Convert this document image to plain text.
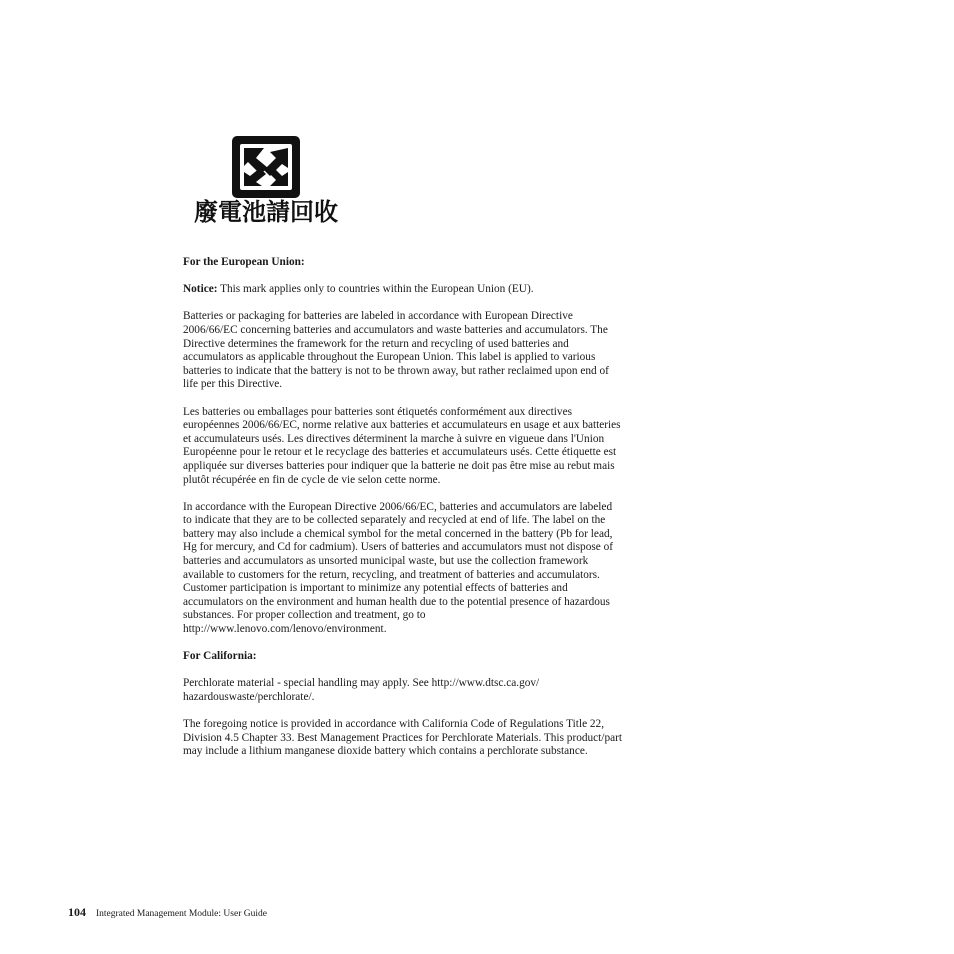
廢電池請回收

For the European Union:

Notice: This mark applies only to countries within the European Union (EU).

Batteries or packaging for batteries are labeled in accordance with European Directive 2006/66/EC concerning batteries and accumulators and waste batteries and accumulators. The Directive determines the framework for the return and recycling of used batteries and accumulators as applicable throughout the European Union. This label is applied to various batteries to indicate that the battery is not to be thrown away, but rather reclaimed upon end of life per this Directive.

Les batteries ou emballages pour batteries sont étiquetés conformément aux directives européennes 2006/66/EC, norme relative aux batteries et accumulateurs en usage et aux batteries et accumulateurs usés. Les directives déterminent la marche à suivre en vigueue dans l'Union Européenne pour le retour et le recyclage des batteries et accumulateurs usés. Cette étiquette est appliquée sur diverses batteries pour indiquer que la batterie ne doit pas être mise au rebut mais plutôt récupérée en fin de cycle de vie selon cette norme.

In accordance with the European Directive 2006/66/EC, batteries and accumulators are labeled to indicate that they are to be collected separately and recycled at end of life. The label on the battery may also include a chemical symbol for the metal concerned in the battery (Pb for lead, Hg for mercury, and Cd for cadmium). Users of batteries and accumulators must not dispose of batteries and accumulators as unsorted municipal waste, but use the collection framework available to customers for the return, recycling, and treatment of batteries and accumulators. Customer participation is important to minimize any potential effects of batteries and accumulators on the environment and human health due to the potential presence of hazardous substances. For proper collection and treatment, go to http://www.lenovo.com/lenovo/environment.

For California:

Perchlorate material - special handling may apply. See http://www.dtsc.ca.gov/ hazardouswaste/perchlorate/.

The foregoing notice is provided in accordance with California Code of Regulations Title 22, Division 4.5 Chapter 33. Best Management Practices for Perchlorate Materials. This product/part may include a lithium manganese dioxide battery which contains a perchlorate substance.

104 Integrated Management Module: User Guide
